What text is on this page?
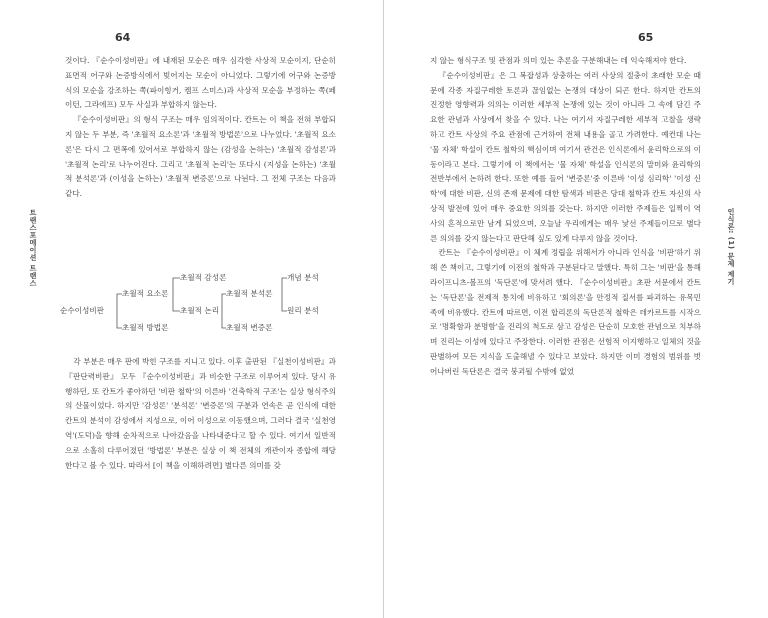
64
트랜스포메이션 트랜스

것이다. 『순수이성비판』에 내재된 모순은 매우 심각한 사상적 모순이지, 단순히 표면적 어구와 논증방식에서 빚어지는 모순이 아니었다. 그렇기에 어구와 논증방식의 모순을 강조하는 쪽(파이힝거, 켐프 스미스)과 사상적 모순을 부정하는 쪽(페이턴, 그라에프) 모두 사실과 부합하지 않는다.

『순수이성비판』의 형식 구조는 매우 임의적이다. 칸트는 이 책을 전혀 부합되지 않는 두 부분, 즉 '초월적 요소론'과 '초월적 방법론'으로 나누었다. '초월적 요소론'은 다시 그 편폭에 있어서로 부합하지 않는 (감성을 논하는) '초월적 감성론'과 '초월적 논리'로 나누어진다. 그리고 '초월적 논리'는 또다시 (지성을 논하는) '초월적 분석론'과 (이성을 논하는) '초월적 변증론'으로 나뉜다. 그 전체 구조는 다음과 같다.

순수이성비판
초월적 요소론
초월적 방법론
초월적 감성론
초월적 논리
초월적 분석론
초월적 변증론
개념 분석
원리 분석

각 부분은 매우 판에 박힌 구조를 지니고 있다. 이후 출판된 『실천이성비판』과 『판단력비판』 모두 『순수이성비판』과 비슷한 구조로 이루어져 있다. 당시 유행하던, 또 칸트가 좋아하던 '비판 철학'의 이른바 '건축학적 구조'는 실상 형식주의의 산물이었다. 하지만 '감성론' '분석론' '변증론'의 구분과 연속은 곧 인식에 대한 칸트의 분석이 감성에서 지성으로, 이어 이성으로 이동했으며, 그러다 결국 '실천영역'(도덕)을 향해 순차적으로 나아갔음을 나타내준다고 할 수 있다. 여기서 일반적으로 소홀히 다루어졌던 '방법론' 부분은 실상 이 책 전체의 개관이자 종합에 해당한다고 볼 수 있다. 따라서 [이 책을 이해하려면] 별다른 의미를 갖

65
인식론: (1) 문제 제기

지 않는 형식구조 및 관점과 의미 있는 추론을 구분해내는 데 익숙해져야 한다.

『순수이성비판』은 그 복잡성과 상충하는 여러 사상의 절충이 초래한 모순 때문에 각종 자질구레한 토론과 끊임없는 논쟁의 대상이 되곤 한다. 하지만 칸트의 진정한 영향력과 의의는 이러한 세부적 논쟁에 있는 것이 아니라 그 속에 담긴 주요한 관념과 사상에서 찾을 수 있다. 나는 여기서 자질구레한 세부적 고찰을 생략하고 칸트 사상의 주요 관점에 근거하여 전체 내용을 골고 가려한다. 예컨대 나는 '물 자체' 학설이 칸트 철학의 핵심이며 여기서 관건은 인식론에서 윤리학으로의 이동이라고 본다. 그렇기에 이 책에서는 '물 자체' 학설을 인식론의 말미와 윤리학의 전반부에서 논하려 한다. 또한 예를 들어 '변증론'중 이른바 '이성 심리학' '이성 신학'에 대한 비판, 신의 존재 문제에 대한 탐색과 비판은 당대 철학과 칸트 자신의 사상적 발전에 있어 매우 중요한 의의를 갖는다. 하지만 이러한 주제들은 일찍이 역사의 흔적으로만 남게 되었으며, 오늘날 우리에게는 매우 낯선 주제들이므로 별다른 의의를 갖지 않는다고 판단해 싶도 있게 다루지 않을 것이다.

칸트는 『순수이성비판』이 체계 정립을 위해서가 아니라 인식을 '비판'하기 위해 쓴 책이고, 그렇기에 이전의 철학과 구분된다고 말했다. 특히 그는 '비판'을 통해 라이프니츠-볼프의 '독단론'에 맞서려 했다. 『순수이성비판』초판 서문에서 칸트는 '독단론'을 전제적 통치에 비유하고 '회의론'을 안정적 질서를 파괴하는 유목민족에 비유했다. 칸트에 따르면, 이전 합리론의 독단론적 철학은 데카르트를 시작으로 '명확함과 분명함'을 진리의 척도로 삼고 감성은 단순히 모호한 관념으로 치부하며 진리는 이성에 있다고 주장한다. 이러한 관점은 선험적 이지행하고 일체의 것을 판별하여 모든 지식을 도출해낼 수 있다고 보았다. 하지만 이미 경험의 범위를 벗어나버린 독단론은 결국 붕괴될 수밖에 없었
